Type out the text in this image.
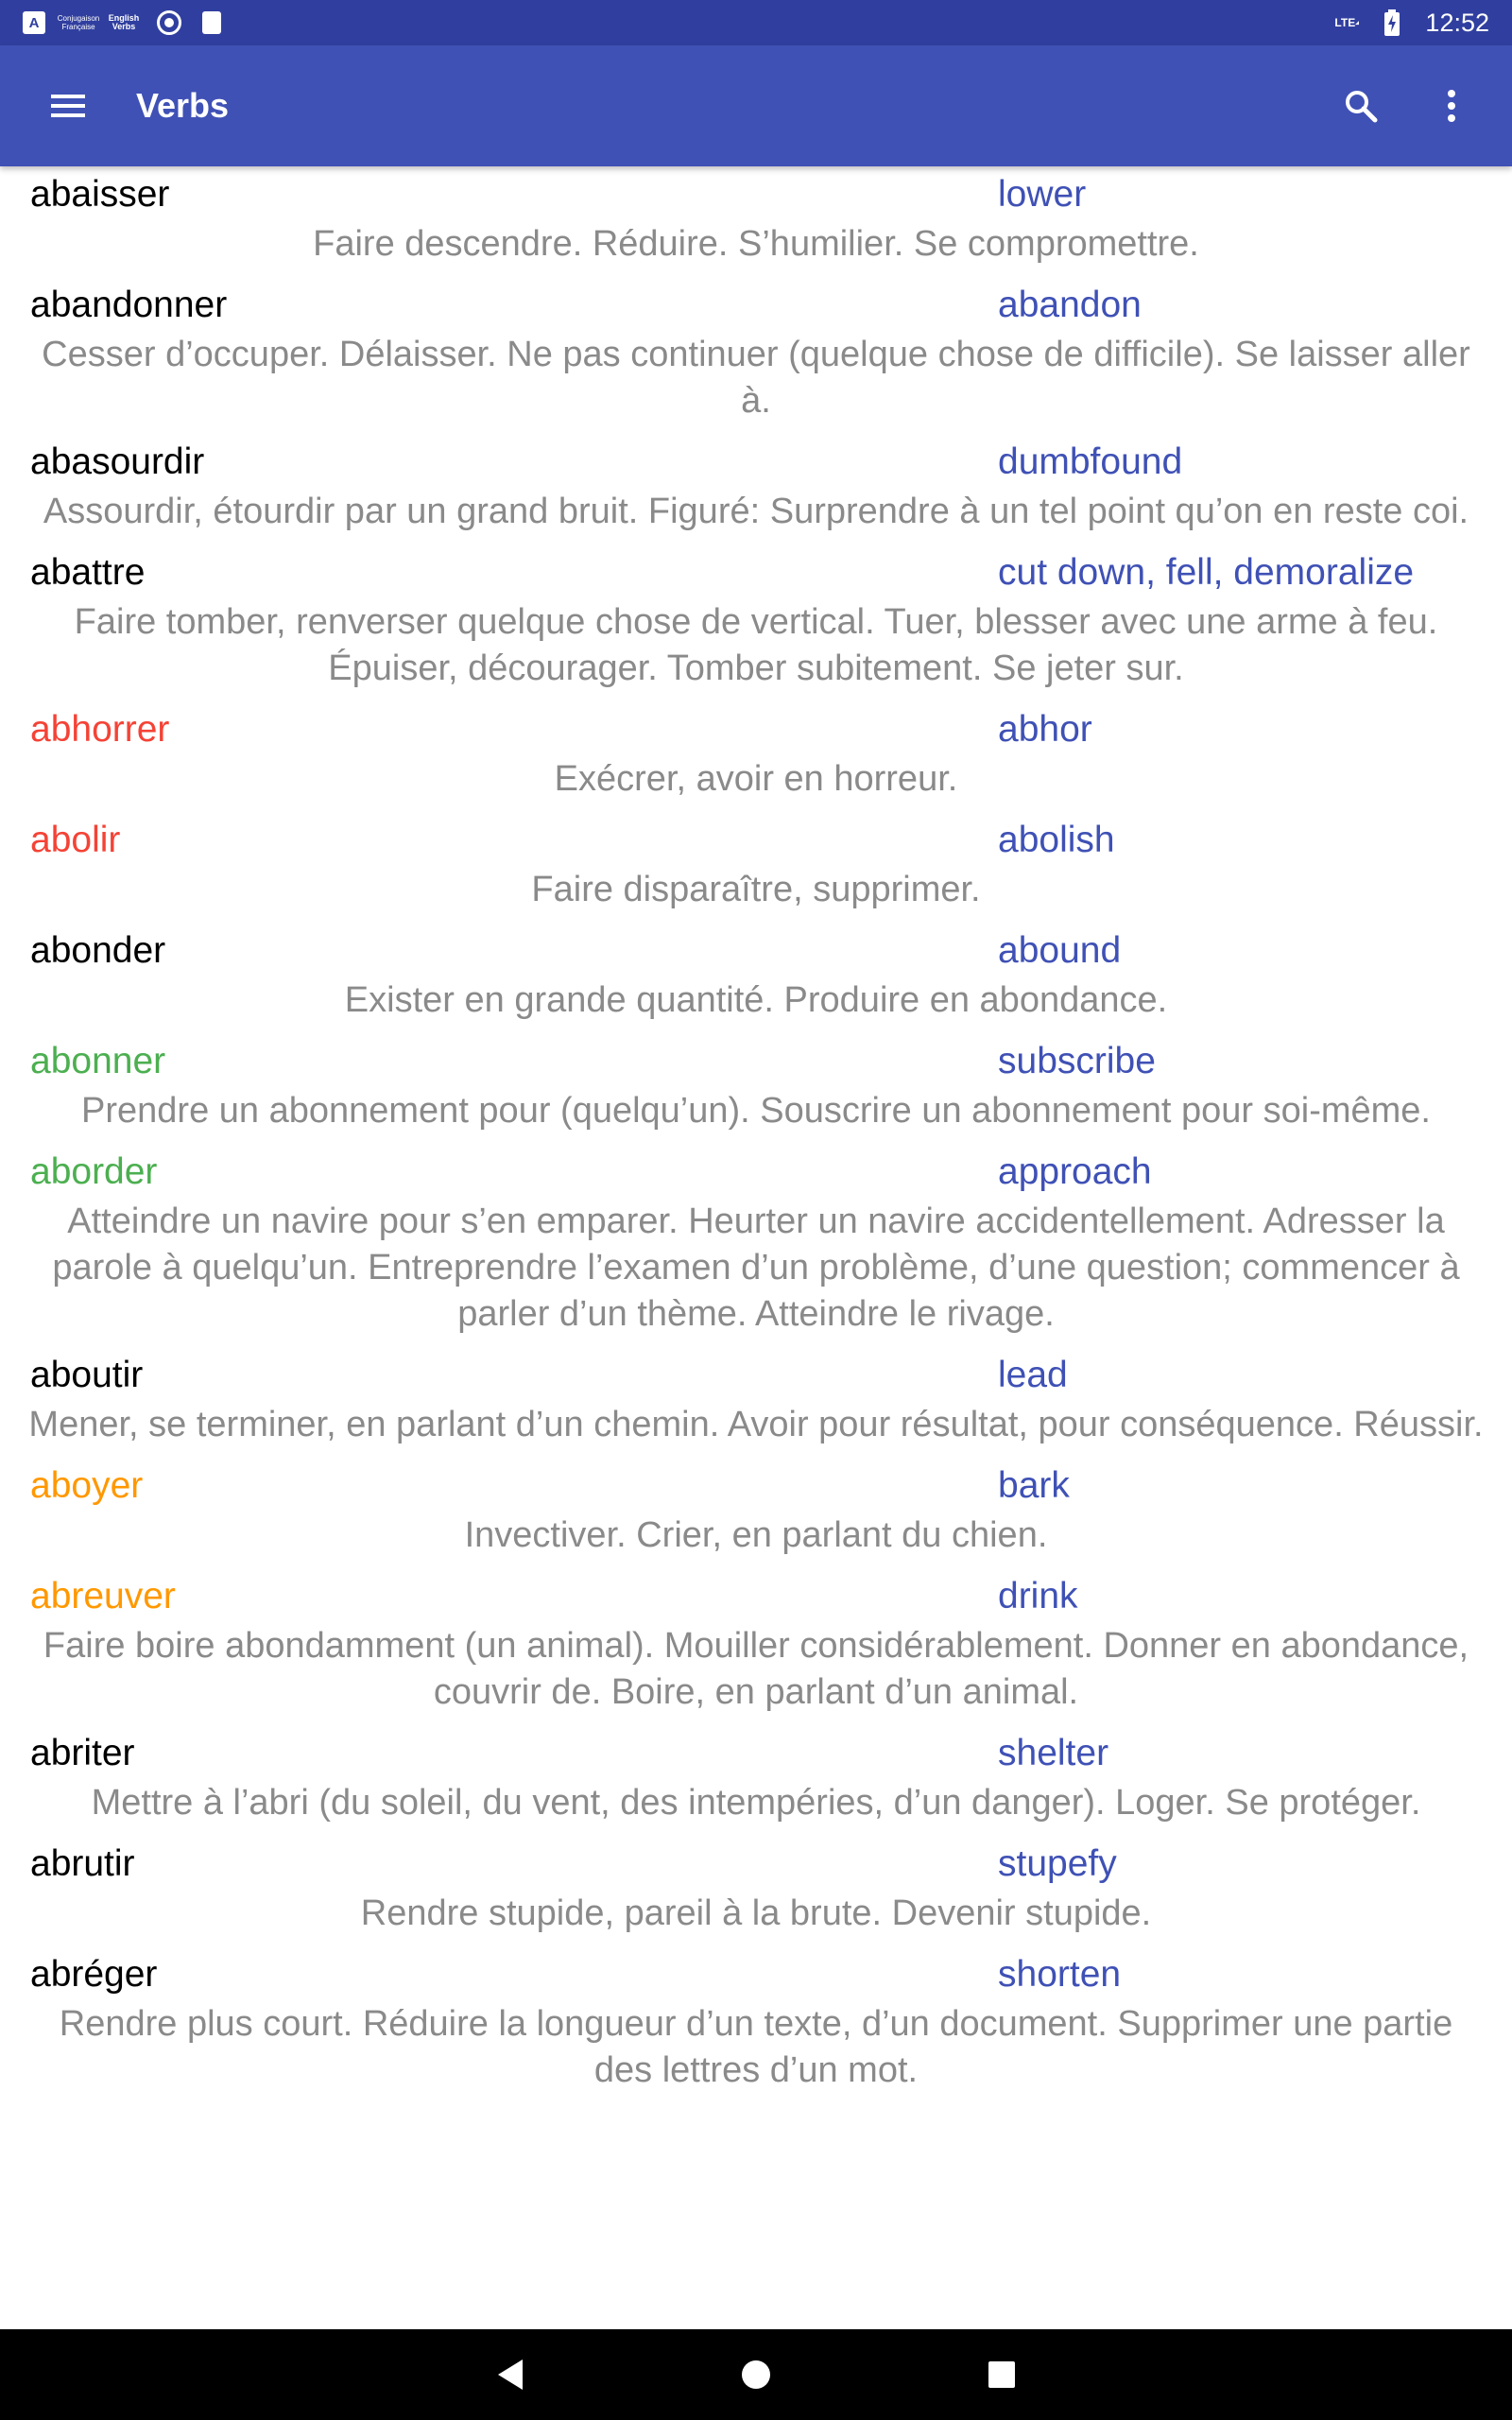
A	Conjugaison Française
English Verbs	LTE	12:52
Verbs
abaisser	lower
Faire descendre. Réduire. S’humilier. Se compromettre.
abandonner	abandon
Cesser d’occuper. Délaisser. Ne pas continuer (quelque chose de difficile). Se laisser aller à.
abasourdir	dumbfound
Assourdir, étourdir par un grand bruit. Figuré: Surprendre à un tel point qu’on en reste coi.
abattre	cut down, fell, demoralize
Faire tomber, renverser quelque chose de vertical. Tuer, blesser avec une arme à feu. Épuiser, décourager. Tomber subitement. Se jeter sur.
abhorrer	abhor
Exécrer, avoir en horreur.
abolir	abolish
Faire disparaître, supprimer.
abonder	abound
Exister en grande quantité. Produire en abondance.
abonner	subscribe
Prendre un abonnement pour (quelqu’un). Souscrire un abonnement pour soi-même.
aborder	approach
Atteindre un navire pour s’en emparer. Heurter un navire accidentellement. Adresser la parole à quelqu’un. Entreprendre l’examen d’un problème, d’une question; commencer à parler d’un thème. Atteindre le rivage.
aboutir	lead
Mener, se terminer, en parlant d’un chemin. Avoir pour résultat, pour conséquence. Réussir.
aboyer	bark
Invectiver. Crier, en parlant du chien.
abreuver	drink
Faire boire abondamment (un animal). Mouiller considérablement. Donner en abondance, couvrir de. Boire, en parlant d’un animal.
abriter	shelter
Mettre à l’abri (du soleil, du vent, des intempéries, d’un danger). Loger. Se protéger.
abrutir	stupefy
Rendre stupide, pareil à la brute. Devenir stupide.
abréger	shorten
Rendre plus court. Réduire la longueur d’un texte, d’un document. Supprimer une partie des lettres d’un mot.
